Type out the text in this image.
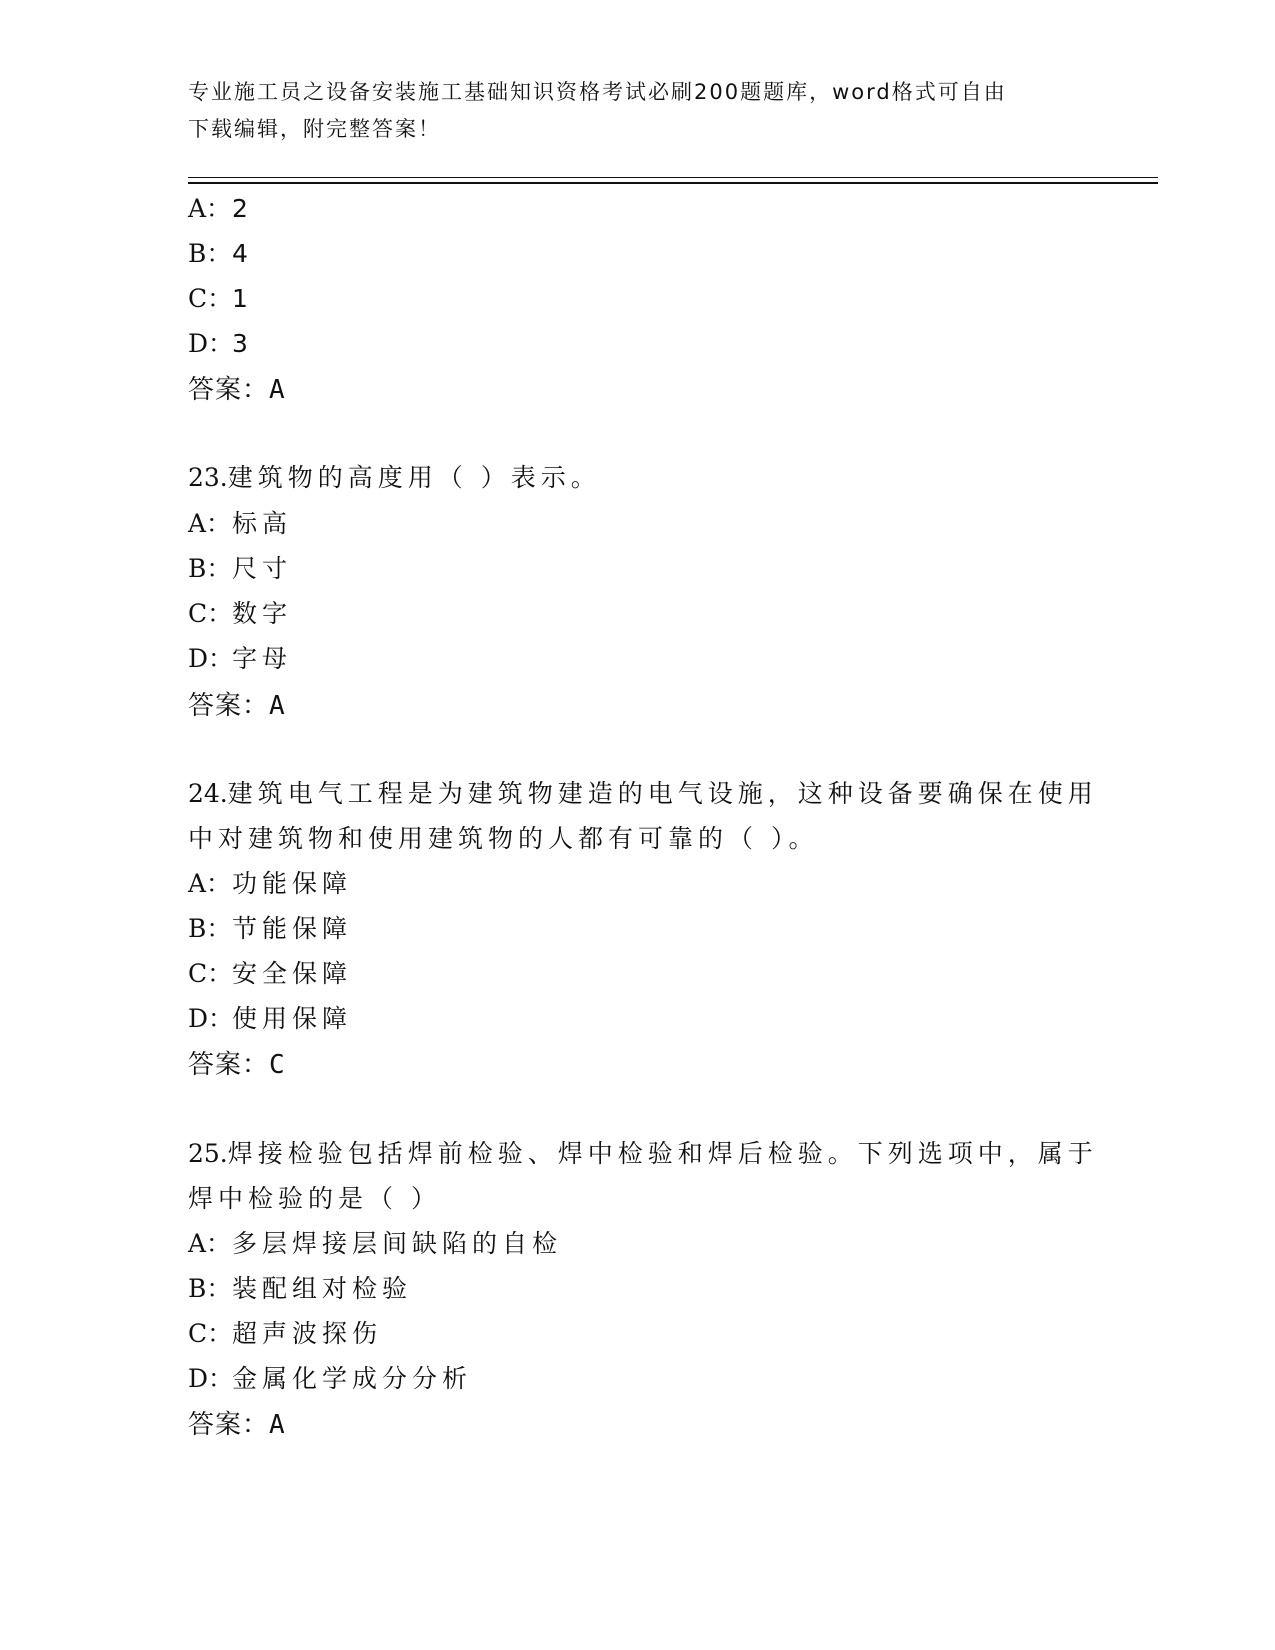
专业施工员之设备安装施工基础知识资格考试必刷200题题库，word格式可自由
下载编辑，附完整答案！
A：2
B：4
C：1
D：3
答案：A
23.建筑物的高度用（ ）表示。
A：标高
B：尺寸
C：数字
D：字母
答案：A
24.建筑电气工程是为建筑物建造的电气设施，这种设备要确保在使用
中对建筑物和使用建筑物的人都有可靠的（ ）。
A：功能保障
B：节能保障
C：安全保障
D：使用保障
答案：C
25.焊接检验包括焊前检验、焊中检验和焊后检验。下列选项中，属于
焊中检验的是（ ）
A：多层焊接层间缺陷的自检
B：装配组对检验
C：超声波探伤
D：金属化学成分分析
答案：A
